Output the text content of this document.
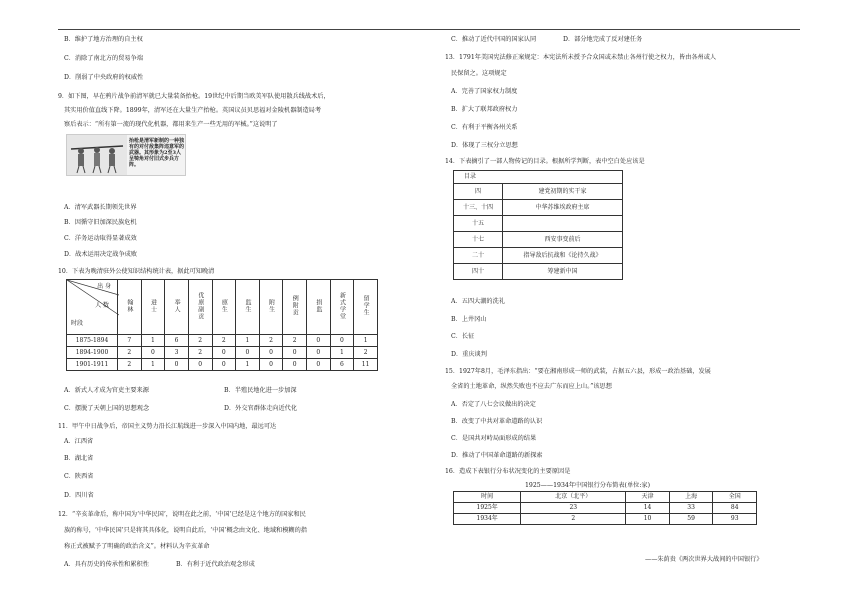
B．维护了地方治理的自主权
C．消除了南北方的贸易争端
D．削弱了中央政府的权威性
9．如下图，早在鸦片战争前清军就已大量装备抬枪。19世纪中后期当欧美军队使用散兵线战术后，
其实用价值直线下降。1899年，清军还在大量生产抬枪。英国议员贝思福对金陵机器制造局考
察后表示：“所有第一流的现代化机器，都用来生产一些无用的军械。”这说明了
抬枪是清军新制的一种独有的对付敌集阵违意军的武器。其形象为2至3人呈犄角对付旧式步兵方阵。
A．清军武器长期领先世界
B．因循守旧加深民族危机
C．洋务运动取得显著成效
D．战术运用决定战争成败
10．下表为晚清驻外公使知识结构统计表，据此可知晚清
出 身
人 数
时段	翰林	进士	举人	优廪副贡	廪生	监生	附生	例附贡	捐监	新式学堂	留学生
1875-1894	7	1	6	2	2	1	2	2	0	0	1
1894-1900	2	0	3	2	0	0	0	0	0	1	2
1901-1911	2	1	0	0	0	1	0	0	0	6	11
A．新式人才成为官吏主要来源	B．半殖民地化进一步加深
C．摆脱了天朝上国的思想观念	D．外交官群体走向近代化
11．甲午中日战争后，帝国主义势力沿长江航线进一步深入中国内地，最远可达
A．江西省
B．湖北省
C．陕西省
D．四川省
12．“辛亥革命后，称中国为‘中华民国’，说明在此之前，‘中国’已经是这个地方的国家和民
族的称号，‘中华民国’只是将其具体化，说明自此后，‘中国’概念由文化、地域和模糊的指
称正式被赋予了明确的政治含义”。材料认为辛亥革命
A．具有历史的传承性和累积性	B．有利于近代政治观念形成
C．推动了近代中国的国家认同	D．部分地完成了反对建任务
13．1791年美国宪法修正案规定：本宪法所未授予合众国或未禁止各州行使之权力，皆由各州或人
民保留之。这项规定
A．完善了国家权力制度
B．扩大了联邦政府权力
C．有利于平衡各州关系
D．体现了三权分立思想
14．下表摘引了一部人物传记的目录。根据所学判断，表中空白处应该是
目录	
四	建党初期的实干家
十三、十四	中华苏维埃政府主席
十五	
十七	西安事变前后
二十	指导敌后抗战和《论持久战》
四十	筹建新中国
A．五四大潮的洗礼
B．上井冈山
C．长征
D．重庆谈判
15．1927年8月，毛泽东指出：“要在湘南形成一师的武装，占据五六县，形成一政治基础，发展
全省的土地革命，纵然失败也不应去广东而应上山。”该思想
A．否定了八七会议做出的决定
B．改变了中共对革命道路的认识
C．是国共对峙局面形成的结果
D．推动了中国革命道路的新探索
16．造成下表银行分布状况变化的主要原因是
1925——1934年中国银行分布简表(单位:家)
时间	北京（北平）	天津	上海	全国
1925年	23	14	33	84
1934年	2	10	59	93
——朱荫贵《两次世界大战间的中国银行》
